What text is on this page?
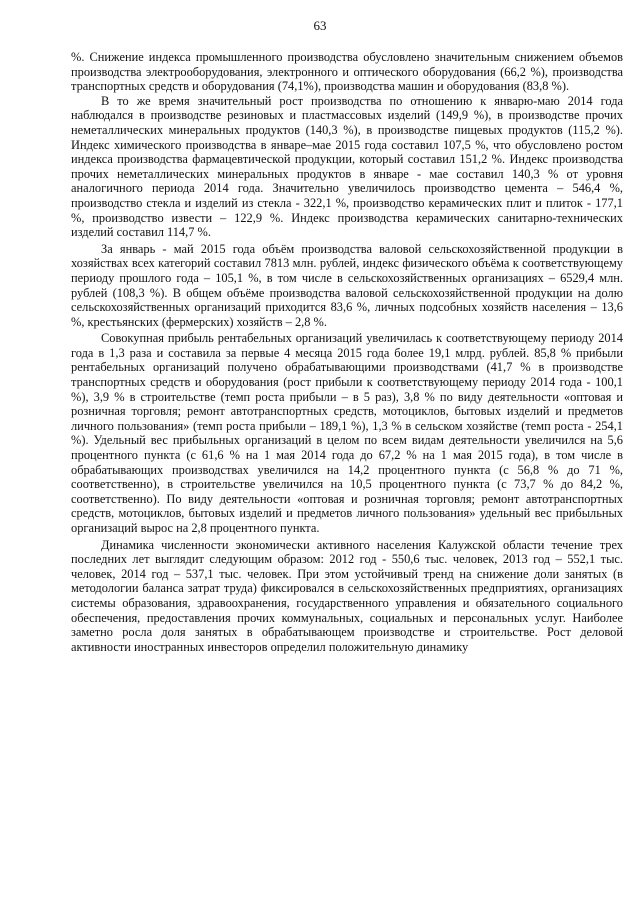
63

%. Снижение индекса промышленного производства обусловлено значительным снижением объемов производства электрооборудования, электронного и оптического оборудования (66,2 %), производства транспортных средств и оборудования (74,1%), производства машин и оборудования (83,8 %).

В то же время значительный рост производства по отношению к январю-маю 2014 года наблюдался в производстве резиновых и пластмассовых изделий (149,9 %), в производстве прочих неметаллических минеральных продуктов (140,3 %), в производстве пищевых продуктов (115,2 %). Индекс химического производства в январе–мае 2015 года составил 107,5 %, что обусловлено ростом индекса производства фармацевтической продукции, который составил 151,2 %. Индекс производства прочих неметаллических минеральных продуктов в январе - мае составил 140,3 % от уровня аналогичного периода 2014 года. Значительно увеличилось производство цемента – 546,4 %, производство стекла и изделий из стекла - 322,1 %, производство керамических плит и плиток - 177,1 %, производство извести – 122,9 %. Индекс производства керамических санитарно-технических изделий составил 114,7 %.

За январь - май 2015 года объём производства валовой сельскохозяйственной продукции в хозяйствах всех категорий составил 7813 млн. рублей, индекс физического объёма к соответствующему периоду прошлого года – 105,1 %, в том числе в сельскохозяйственных организациях – 6529,4 млн. рублей (108,3 %). В общем объёме производства валовой сельскохозяйственной продукции на долю сельскохозяйственных организаций приходится 83,6 %, личных подсобных хозяйств населения – 13,6 %, крестьянских (фермерских) хозяйств – 2,8 %.

Совокупная прибыль рентабельных организаций увеличилась к соответствующему периоду 2014 года в 1,3 раза и составила за первые 4 месяца 2015 года более 19,1 млрд. рублей. 85,8 % прибыли рентабельных организаций получено обрабатывающими производствами (41,7 % в производстве транспортных средств и оборудования (рост прибыли к соответствующему периоду 2014 года - 100,1 %), 3,9 % в строительстве (темп роста прибыли – в 5 раз), 3,8 % по виду деятельности «оптовая и розничная торговля; ремонт автотранспортных средств, мотоциклов, бытовых изделий и предметов личного пользования» (темп роста прибыли – 189,1 %), 1,3 % в сельском хозяйстве (темп роста - 254,1 %). Удельный вес прибыльных организаций в целом по всем видам деятельности увеличился на 5,6 процентного пункта (с 61,6 % на 1 мая 2014 года до 67,2 % на 1 мая 2015 года), в том числе в обрабатывающих производствах увеличился на 14,2 процентного пункта (с 56,8 % до 71 %, соответственно), в строительстве увеличился на 10,5 процентного пункта (с 73,7 % до 84,2 %, соответственно). По виду деятельности «оптовая и розничная торговля; ремонт автотранспортных средств, мотоциклов, бытовых изделий и предметов личного пользования» удельный вес прибыльных организаций вырос на 2,8 процентного пункта.

Динамика численности экономически активного населения Калужской области течение трех последних лет выглядит следующим образом: 2012 год - 550,6 тыс. человек, 2013 год – 552,1 тыс. человек, 2014 год – 537,1 тыс. человек. При этом устойчивый тренд на снижение доли занятых (в методологии баланса затрат труда) фиксировался в сельскохозяйственных предприятиях, организациях системы образования, здравоохранения, государственного управления и обязательного социального обеспечения, предоставления прочих коммунальных, социальных и персональных услуг. Наиболее заметно росла доля занятых в обрабатывающем производстве и строительстве. Рост деловой активности иностранных инвесторов определил положительную динамику
